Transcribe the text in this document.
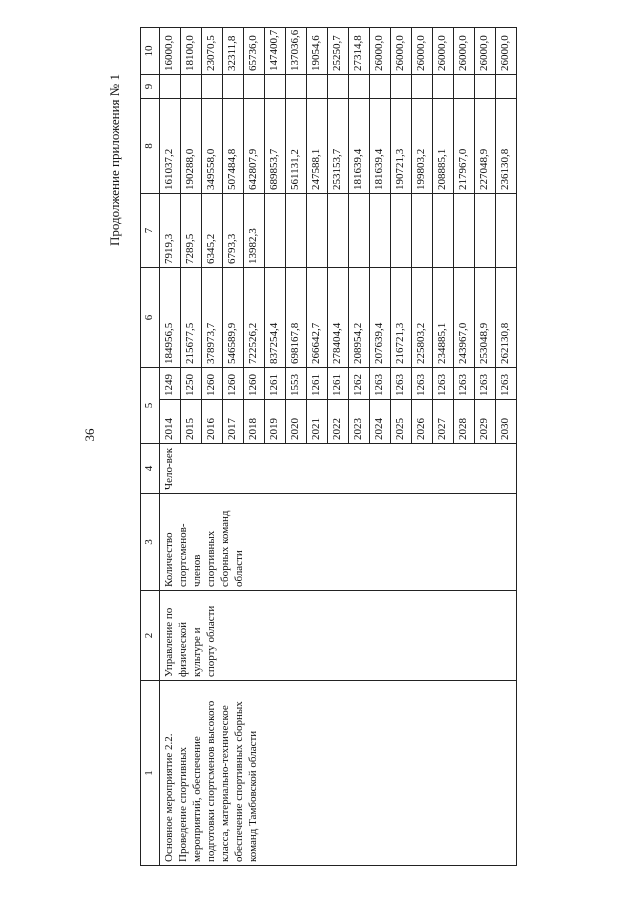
36
Продолжение приложения № 1
1	2	3	4	5		6	7	8	9	10
Основное мероприятие 2.2. Проведение спортивных мероприятий, обеспечение подготовки спортсменов высокого класса, материально-техническое обеспечение спортивных сборных команд Тамбовской области	Управление по физической культуре и спорту области	Количество спортсменов-членов спортивных сборных команд области	Чело-век	2014	1249	184956,5	7919,3	161037,2		16000,0
				2015	1250	215677,5	7289,5	190288,0		18100,0
				2016	1260	378973,7	6345,2	349558,0		23070,5
				2017	1260	546589,9	6793,3	507484,8		32311,8
				2018	1260	722526,2	13982,3	642807,9		65736,0
				2019	1261	837254,4		689853,7		147400,7
				2020	1553	698167,8		561131,2		137036,6
				2021	1261	266642,7		247588,1		19054,6
				2022	1261	278404,4		253153,7		25250,7
				2023	1262	208954,2		181639,4		27314,8
				2024	1263	207639,4		181639,4		26000,0
				2025	1263	216721,3		190721,3		26000,0
				2026	1263	225803,2		199803,2		26000,0
				2027	1263	234885,1		208885,1		26000,0
				2028	1263	243967,0		217967,0		26000,0
				2029	1263	253048,9		227048,9		26000,0
				2030	1263	262130,8		236130,8		26000,0
